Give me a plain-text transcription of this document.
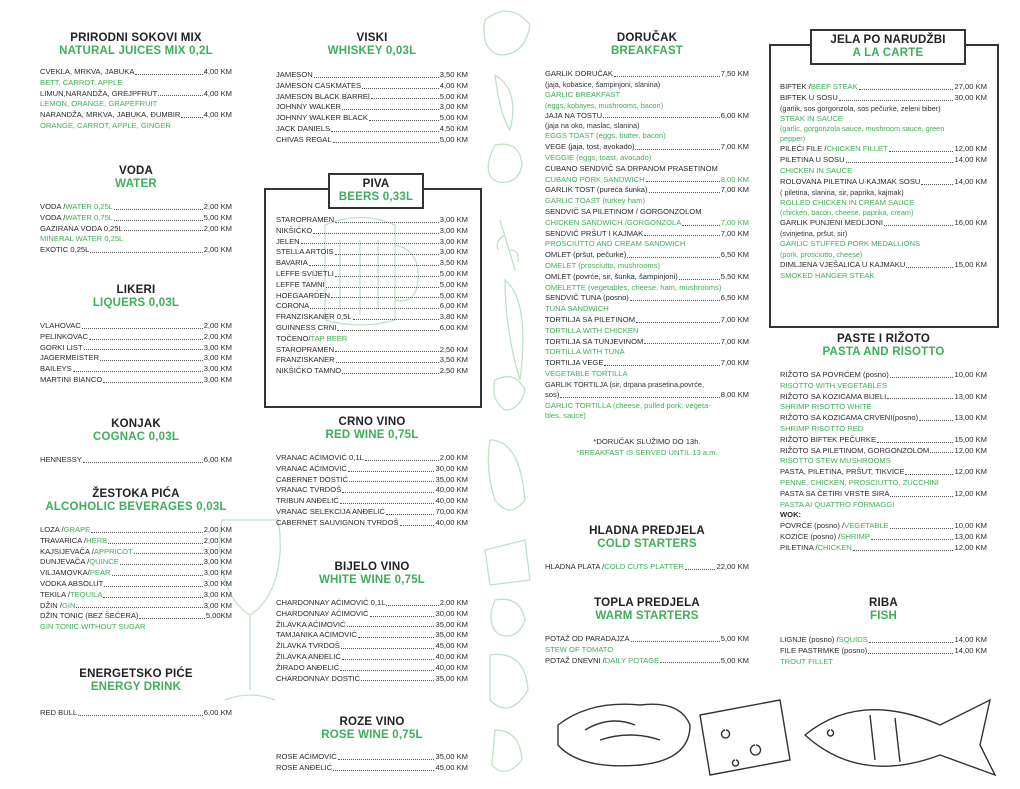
PRIRODNI SOKOVI MIX
NATURAL JUICES MIX 0,2L
CVEKLA, MRKVA, JABUKA	4,00 KM
BETT, CARROT, APPLE
LIMUN,NARANDŽA, GREJPFRUT	4,00 KM
LEMON, ORANGE, GRAPEFRUIT
NARANDŽA, MRKVA, JABUKA, ĐUMBIR	4,00 KM
ORANGE, CARROT, APPLE, GINGER
VODA
WATER
VODA / WATER 0,25L	2,00 KM
VODA / WATER 0,75L	5,00 KM
GAZIRANA VODA 0,25L	2,00 KM
MINERAL WATER 0,25L
EXOTIC 0,25L	2,00 KM
LIKERI
LIQUERS 0,03L
VLAHOVAC	2,00 KM
PELINKOVAC	2,00 KM
GORKI LIST	3,00 KM
JAGERMEISTER	3,00 KM
BAILEYS	3,00 KM
MARTINI BIANCO	3,00 KM
KONJAK
COGNAC 0,03L
HENNESSY	6,00 KM
ŽESTOKA PIĆA
ALCOHOLIC BEVERAGES 0,03L
LOZA / GRAPE	2,00 KM
TRAVARICA / HERB	2,00 KM
KAJSIJEVAČA / APPRICOT	3,00 KM
DUNJEVAČA / QUINCE	3,00 KM
VILJAMOVKA/ PEAR	3,00 KM
VODKA ABSOLUT	3,00 KM
TEKILA / TEQUILA	3,00 KM
DŽIN / GIN	3,00 KM
DŽIN TONIC (BEZ ŠEĆERA)	5,00KM
GIN TONIC WITHOUT SUGAR
ENERGETSKO PIĆE
ENERGY DRINK
RED BULL	6,00 KM
VISKI
WHISKEY 0,03L
JAMESON	3,50 KM
JAMESON CASKMATES	4,00 KM
JAMESON BLACK BARREl	5,00 KM
JOHNNY WALKER	3,00 KM
JOHNNY WALKER BLACK	5,00 KM
JACK DANIELS	4,50 KM
CHIVAS REGAL	5,00 KM
PIVA
BEERS 0,33L
STAROPRAMEN	3,00 KM
NIKŠIĆKO	3,00 KM
JELEN	3,00 KM
STELLA ARTOIS	3,00 KM
BAVARIA	3,50 KM
LEFFE SVIJETLI	5,00 KM
LEFFE TAMNI	5,00 KM
HOEGAARDEN	5,00 KM
CORONA	6,00 KM
FRANZISKANER 0,5L	3,80 KM
GUINNESS CRNI	6,00 KM
TOČENO/ TAP BEER
STAROPRAMEN	2,50 KM
FRANZISKANER	3,50 KM
NIKŠIĆKO TAMNO	2,50 KM
CRNO VINO
RED WINE 0,75L
VRANAC AĆIMOVIĆ 0,1L	2,00 KM
VRANAC AĆIMOVIĆ	30,00 KM
CABERNET DOSTIĆ	35,00 KM
VRANAC TVRDOŠ	40,00 KM
TRIBUN ANĐELIĆ	40,00 KM
VRANAC SELEKCIJA ANĐELIĆ	70,00 KM
CABERNET SAUVIGNON TVRDOŠ	40,00 KM
BIJELO VINO
WHITE WINE 0,75L
CHARDONNAY AĆIMOVIĆ 0,1L	2,00 KM
CHARDONNAY AĆIMOVIĆ	30,00 KM
ŽILAVKA AĆIMOVIĆ	35,00 KM
TAMJANIKA AĆIMOVIĆ	35,00 KM
ŽILAVKA TVRDOŠ	45,00 KM
ŽILAVKA ANĐELIĆ	40,00 KM
ŽIRADO ANĐELIĆ	40,00 KM
CHARDONNAY DOSTIĆ	35,00 KM
ROZE VINO
ROSE WINE 0,75L
ROSE AĆIMOVIĆ	35,00 KM
ROSE ANĐELIĆ	45,00 KM
DORUČAK
BREAKFAST
GARLIK DORUČAK	7,50 KM
(jaja, kobasice, šampinjoni, slanina)
GARLIC BREAKFAST
(eggs, kobayes, mushrooms, bacon)
JAJA NA TOSTU	6,00 KM
(jaja na oko, maslac, slanina)
EGGS TOAST (eggs, butter, bacon)
VEGE (jaja, tost, avokado)	7,00 KM
VEGGIE (eggs, toast, avocado)
CUBANO SENDVIČ SA DRPANOM PRASETINOM
CUBANO PORK SANDWICH	8,00 KM
GARLIK TOST (pureća šunka)	7,00 KM
GARLIC TOAST (turkey ham)
SENDVIČ SA PILETINOM / GORGONZOLOM
CHICKEN SANDWICH /GORGONZOLA	7,00 KM
SENDVIČ PRŠUT I KAJMAK	7,00 KM
PROSCIUTTO AND CREAM SANDWICH
OMLET (pršut, pečurke)	6,50 KM
OMELET (prosciutto, mushrooms)
OMLET (povrće, sir, šunka, šampinjoni)	5,50 KM
OMELETTE (vegetables, cheese, ham, mushrooms)
SENDVIČ TUNA (posno)	6,50 KM
TUNA SANDWICH
TORTILJA SA PILETINOM	7,00 KM
TORTILLA WITH CHICKEN
TORTILJA SA TUNJEVINOM	7,00 KM
TORTILLA WITH TUNA
TORTILJA VEGE	7,00 KM
VEGETABLE TORTILLA
GARLIK TORTILJA (sir, drpana prasetina,povrće,
sos)	8,00 KM
GARLIC TORTILLA (cheese, pulled pork, vegeta-
bles, sauce)
*DORUČAK SLUŽIMO DO 13h.
*BREAKFAST IS SERVED UNTIL 13 a.m.
HLADNA PREDJELA
COLD STARTERS
HLADNA PLATA / COLD CUTS PLATTER	22,00 KM
TOPLA PREDJELA
WARM STARTERS
POTAŽ OD PARADAJZA	5,00 KM
STEW OF TOMATO
POTAŽ DNEVNI / DAILY POTAGE	5,00 KM
JELA PO NARUDŽBI
A LA CARTE
BIFTEK / BEEF STEAK	27,00 KM
BIFTEK U SOSU	30,00 KM
(garlik, sos gorgonzola, sos pečurke, zeleni biber)
STEAK IN SAUCE
(garlic, gorgonzola sauce, mushroom sauce, green
pepper)
PILEĆI FILE / CHICKEN FILLET	12,00 KM
PILETINA U SOSU	14,00 KM
CHICKEN IN SAUCE
ROLOVANA PILETINA U KAJMAK SOSU	14,00 KM
( piletina, slanina, sir, paprika, kajmak)
ROLLED CHICKEN IN CREAM SAUCE
(chicken, bacon, cheese, paprika, cream)
GARLIK PUNJENI MEDLJONI	16,00 KM
(svinjetina, pršut, sir)
GARLIC STUFFED PORK MEDALLIONS
(pork, prosciutto, cheese)
DIMLJENA VJEŠALICA U KAJMAKU	15,00 KM
SMOKED HANGER STEAK
PASTE I RIŽOTO
PASTA AND RISOTTO
RIŽOTO SA POVRĆEM (posno)	10,00 KM
RISOTTO WITH VEGETABLES
RIŽOTO SA KOZICAMA BIJELI	13,00 KM
SHRIMP RISOTTO WHITE
RIŽOTO SA KOZICAMA CRVENI(posno)	13,00 KM
SHRIMP RISOTTO RED
RIŽOTO BIFTEK PEČURKE	15,00 KM
RIŽOTO SA PILETINOM, GORGONZOLOM	12,00 KM
RISOTTO STEW MUSHROOMS
PASTA, PILETINA, PRŠUT, TIKVICE	12,00 KM
PENNE, CHICKEN, PROSCIUTTO, ZUCCHINI
PASTA SA ČETIRI VRSTE SIRA	12,00 KM
PASTA AI QUATTRO FORMAGGI
WOK:
POVRĆE (posno) / VEGETABLE	10,00 KM
KOZICE (posno) / SHRIMP	13,00 KM
PILETINA / CHICKEN	12,00 KM
RIBA
FISH
LIGNJE (posno) / SQUIDS	14,00 KM
FILE PASTRMKE (posno)	14,00 KM
TROUT FILLET
